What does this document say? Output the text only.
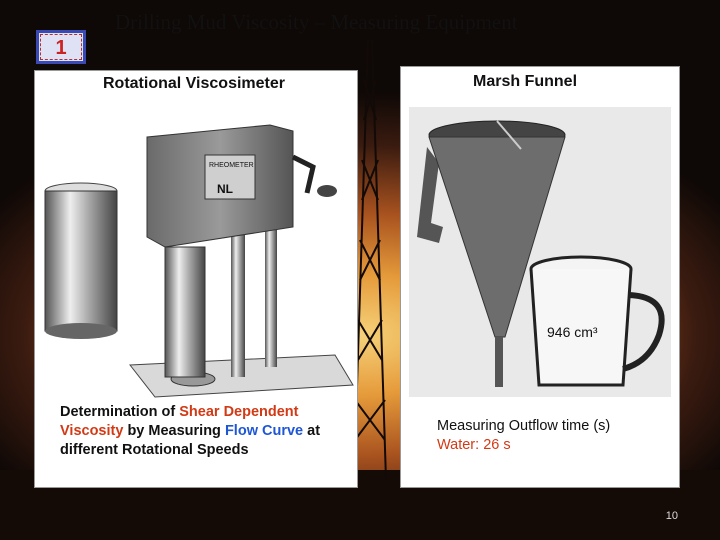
1
Drilling Mud Viscosity – Measuring Equipment
Rotational Viscosimeter
RHEOMETER
NL
Determination of Shear Dependent
Viscosity by Measuring Flow Curve at
different Rotational Speeds
Marsh Funnel
946 cm³
Measuring Outflow time (s)
Water: 26 s
10
